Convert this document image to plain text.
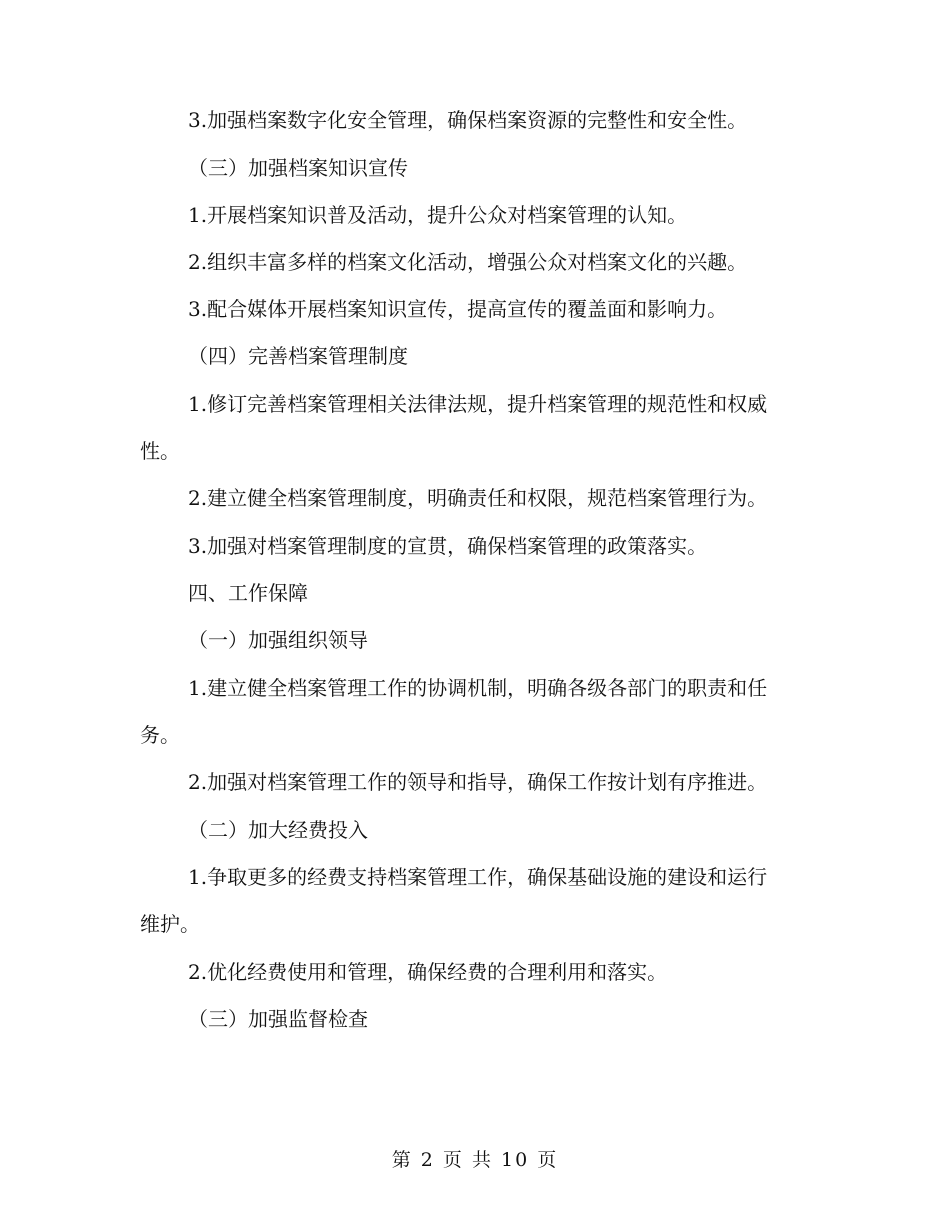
3.加强档案数字化安全管理，确保档案资源的完整性和安全性。
（三）加强档案知识宣传
1.开展档案知识普及活动，提升公众对档案管理的认知。
2.组织丰富多样的档案文化活动，增强公众对档案文化的兴趣。
3.配合媒体开展档案知识宣传，提高宣传的覆盖面和影响力。
（四）完善档案管理制度
1.修订完善档案管理相关法律法规，提升档案管理的规范性和权威
性。
2.建立健全档案管理制度，明确责任和权限，规范档案管理行为。
3.加强对档案管理制度的宣贯，确保档案管理的政策落实。
四、工作保障
（一）加强组织领导
1.建立健全档案管理工作的协调机制，明确各级各部门的职责和任
务。
2.加强对档案管理工作的领导和指导，确保工作按计划有序推进。
（二）加大经费投入
1.争取更多的经费支持档案管理工作，确保基础设施的建设和运行
维护。
2.优化经费使用和管理，确保经费的合理利用和落实。
（三）加强监督检查
第 2 页 共 10 页
